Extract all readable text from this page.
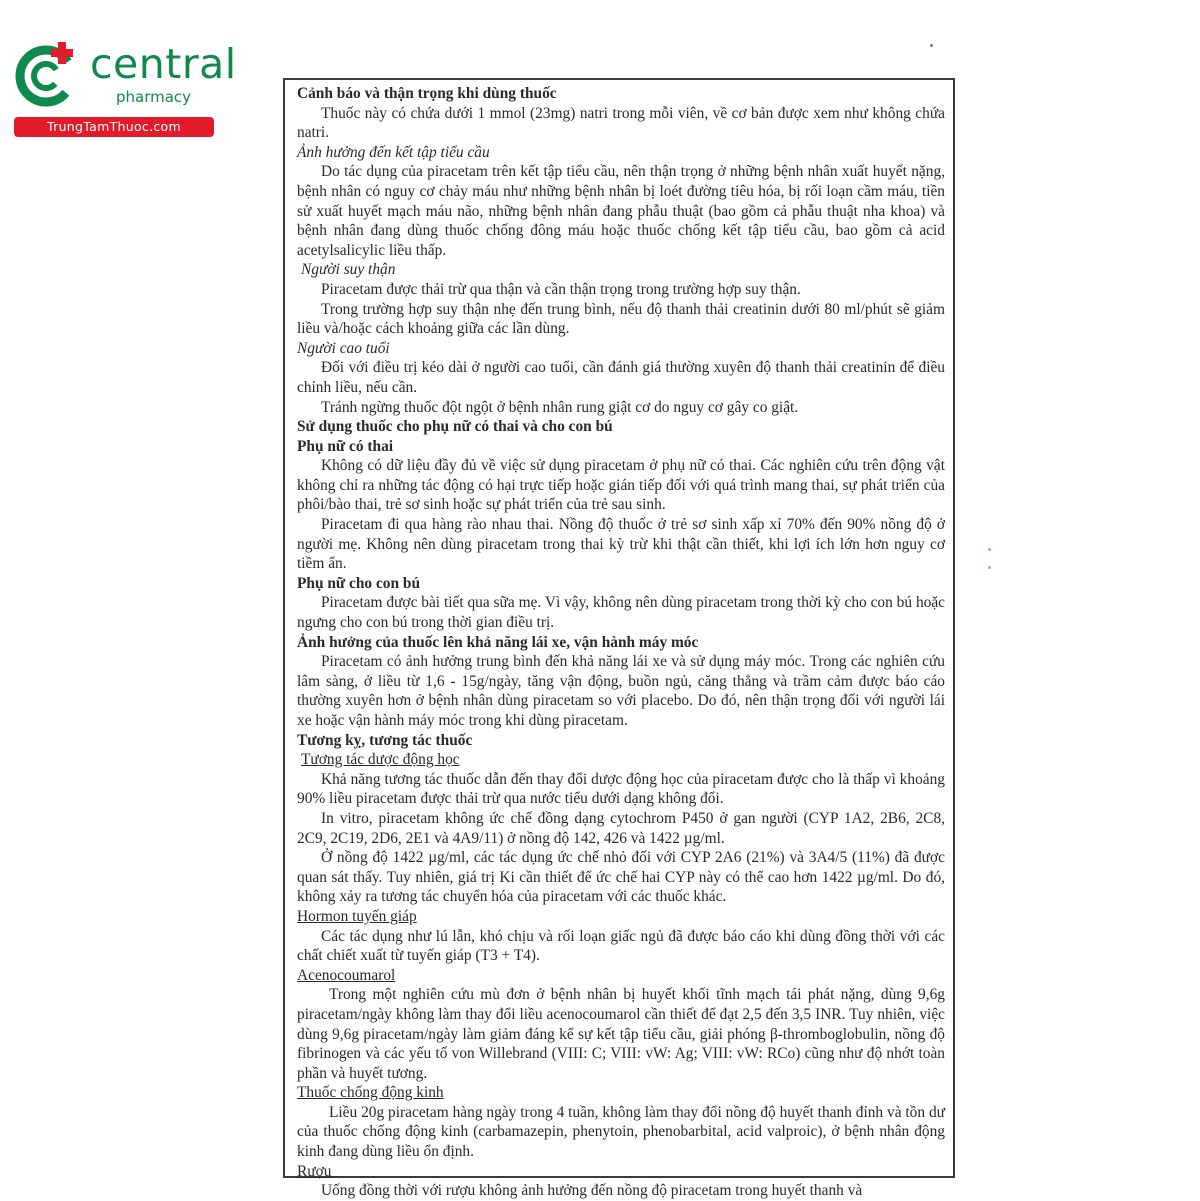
central
pharmacy
TrungTamThuoc.com

Cảnh báo và thận trọng khi dùng thuốc

Thuốc này có chứa dưới 1 mmol (23mg) natri trong mỗi viên, về cơ bản được xem như không chứa natri.

Ảnh hưởng đến kết tập tiểu cầu

Do tác dụng của piracetam trên kết tập tiểu cầu, nên thận trọng ở những bệnh nhân xuất huyết nặng, bệnh nhân có nguy cơ chảy máu như những bệnh nhân bị loét đường tiêu hóa, bị rối loạn cầm máu, tiền sử xuất huyết mạch máu não, những bệnh nhân đang phẫu thuật (bao gồm cả phẫu thuật nha khoa) và bệnh nhân đang dùng thuốc chống đông máu hoặc thuốc chống kết tập tiểu cầu, bao gồm cả acid acetylsalicylic liều thấp.

Người suy thận

Piracetam được thải trừ qua thận và cần thận trọng trong trường hợp suy thận.

Trong trường hợp suy thận nhẹ đến trung bình, nếu độ thanh thải creatinin dưới 80 ml/phút sẽ giảm liều và/hoặc cách khoảng giữa các lần dùng.

Người cao tuổi

Đối với điều trị kéo dài ở người cao tuổi, cần đánh giá thường xuyên độ thanh thải creatinin để điều chỉnh liều, nếu cần.

Tránh ngừng thuốc đột ngột ở bệnh nhân rung giật cơ do nguy cơ gây co giật.

Sử dụng thuốc cho phụ nữ có thai và cho con bú

Phụ nữ có thai

Không có dữ liệu đầy đủ về việc sử dụng piracetam ở phụ nữ có thai. Các nghiên cứu trên động vật không chỉ ra những tác động có hại trực tiếp hoặc gián tiếp đối với quá trình mang thai, sự phát triển của phôi/bào thai, trẻ sơ sinh hoặc sự phát triển của trẻ sau sinh.

Piracetam đi qua hàng rào nhau thai. Nồng độ thuốc ở trẻ sơ sinh xấp xỉ 70% đến 90% nồng độ ở người mẹ. Không nên dùng piracetam trong thai kỳ trừ khi thật cần thiết, khi lợi ích lớn hơn nguy cơ tiềm ẩn.

Phụ nữ cho con bú

Piracetam được bài tiết qua sữa mẹ. Vì vậy, không nên dùng piracetam trong thời kỳ cho con bú hoặc ngưng cho con bú trong thời gian điều trị.

Ảnh hưởng của thuốc lên khả năng lái xe, vận hành máy móc

Piracetam có ảnh hưởng trung bình đến khả năng lái xe và sử dụng máy móc. Trong các nghiên cứu lâm sàng, ở liều từ 1,6 - 15g/ngày, tăng vận động, buồn ngủ, căng thẳng và trầm cảm được báo cáo thường xuyên hơn ở bệnh nhân dùng piracetam so với placebo. Do đó, nên thận trọng đối với người lái xe hoặc vận hành máy móc trong khi dùng piracetam.

Tương kỵ, tương tác thuốc

Tương tác dược động học

Khả năng tương tác thuốc dẫn đến thay đổi dược động học của piracetam được cho là thấp vì khoảng 90% liều piracetam được thải trừ qua nước tiểu dưới dạng không đổi.

In vitro, piracetam không ức chế đồng dạng cytochrom P450 ở gan người (CYP 1A2, 2B6, 2C8, 2C9, 2C19, 2D6, 2E1 và 4A9/11) ở nồng độ 142, 426 và 1422 µg/ml.

Ở nồng độ 1422 µg/ml, các tác dụng ức chế nhỏ đối với CYP 2A6 (21%) và 3A4/5 (11%) đã được quan sát thấy. Tuy nhiên, giá trị Ki cần thiết để ức chế hai CYP này có thể cao hơn 1422 µg/ml. Do đó, không xảy ra tương tác chuyển hóa của piracetam với các thuốc khác.

Hormon tuyến giáp

Các tác dụng như lú lẫn, khó chịu và rối loạn giấc ngủ đã được báo cáo khi dùng đồng thời với các chất chiết xuất từ tuyến giáp (T3 + T4).

Acenocoumarol

Trong một nghiên cứu mù đơn ở bệnh nhân bị huyết khối tĩnh mạch tái phát nặng, dùng 9,6g piracetam/ngày không làm thay đổi liều acenocoumarol cần thiết để đạt 2,5 đến 3,5 INR. Tuy nhiên, việc dùng 9,6g piracetam/ngày làm giảm đáng kể sự kết tập tiểu cầu, giải phóng β-thromboglobulin, nồng độ fibrinogen và các yếu tố von Willebrand (VIII: C; VIII: vW: Ag; VIII: vW: RCo) cũng như độ nhớt toàn phần và huyết tương.

Thuốc chống động kinh

Liều 20g piracetam hàng ngày trong 4 tuần, không làm thay đổi nồng độ huyết thanh đỉnh và tồn dư của thuốc chống động kinh (carbamazepin, phenytoin, phenobarbital, acid valproic), ở bệnh nhân động kinh đang dùng liều ổn định.

Rượu

Uống đồng thời với rượu không ảnh hưởng đến nồng độ piracetam trong huyết thanh và
